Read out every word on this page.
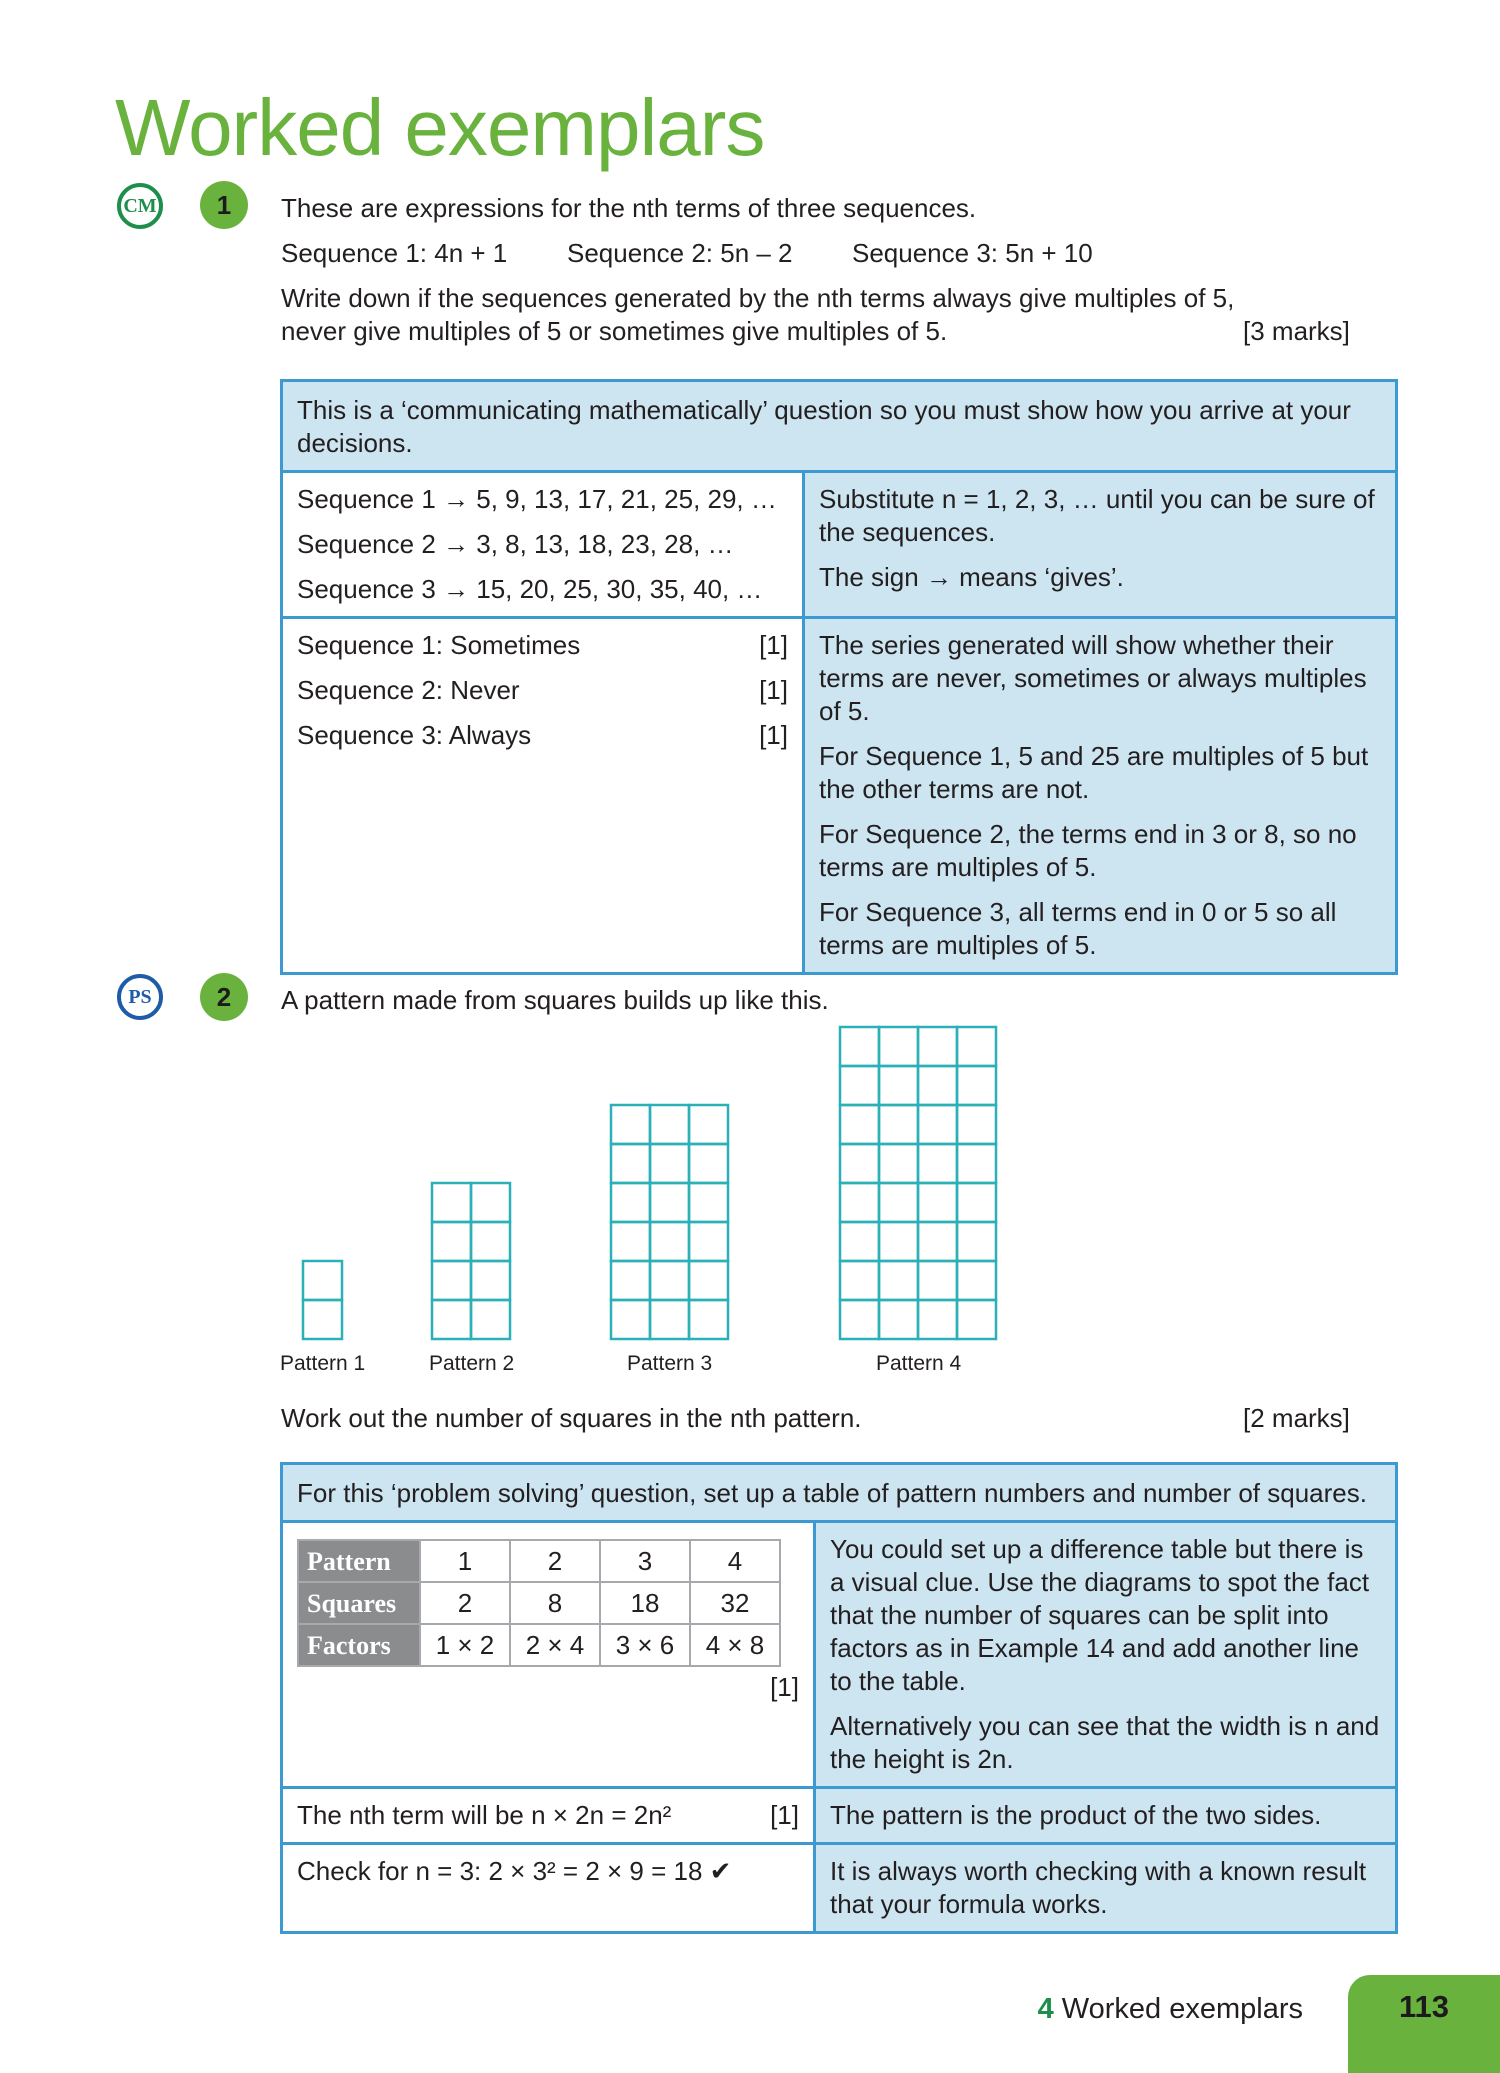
Worked exemplars
CM	1	These are expressions for the nth terms of three sequences.
Sequence 1: 4n + 1	Sequence 2: 5n – 2	Sequence 3: 5n + 10
Write down if the sequences generated by the nth terms always give multiples of 5,
never give multiples of 5 or sometimes give multiples of 5.	[3 marks]
This is a ‘communicating mathematically’ question so you must show how you arrive at your decisions.
Sequence 1 → 5, 9, 13, 17, 21, 25, 29, …
Sequence 2 → 3, 8, 13, 18, 23, 28, …
Sequence 3 → 15, 20, 25, 30, 35, 40, …
Substitute n = 1, 2, 3, … until you can be sure of the sequences.
The sign → means ‘gives’.
Sequence 1: Sometimes	[1]
Sequence 2: Never	[1]
Sequence 3: Always	[1]
The series generated will show whether their terms are never, sometimes or always multiples of 5.
For Sequence 1, 5 and 25 are multiples of 5 but the other terms are not.
For Sequence 2, the terms end in 3 or 8, so no terms are multiples of 5.
For Sequence 3, all terms end in 0 or 5 so all terms are multiples of 5.
PS	2	A pattern made from squares builds up like this.
Pattern 1	Pattern 2	Pattern 3	Pattern 4
Work out the number of squares in the nth pattern.	[2 marks]
For this ‘problem solving’ question, set up a table of pattern numbers and number of squares.
Pattern	1	2	3	4
Squares	2	8	18	32
Factors	1 × 2	2 × 4	3 × 6	4 × 8
[1]
You could set up a difference table but there is a visual clue. Use the diagrams to spot the fact that the number of squares can be split into factors as in Example 14 and add another line to the table.
Alternatively you can see that the width is n and the height is 2n.
The nth term will be n × 2n = 2n²	[1]	The pattern is the product of the two sides.
Check for n = 3: 2 × 3² = 2 × 9 = 18 ✔	It is always worth checking with a known result that your formula works.
4 Worked exemplars	113
